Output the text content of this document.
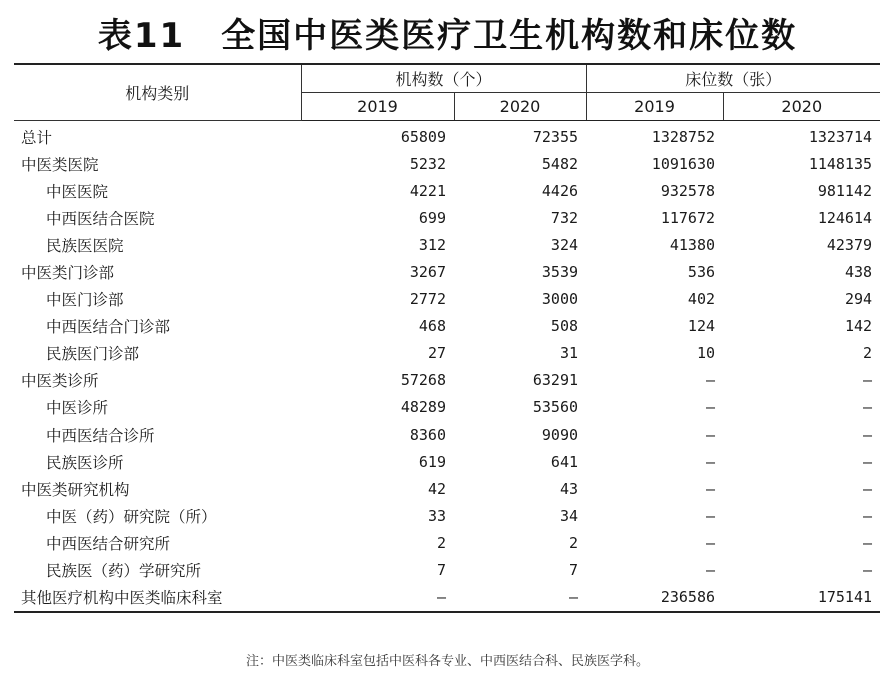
表11　全国中医类医疗卫生机构数和床位数
机构类别	机构数（个）		床位数（张）	
	2019	2020	2019	2020
总计	65809	72355	1328752	1323714
中医类医院	5232	5482	1091630	1148135
中医医院	4221	4426	932578	981142
中西医结合医院	699	732	117672	124614
民族医医院	312	324	41380	42379
中医类门诊部	3267	3539	536	438
中医门诊部	2772	3000	402	294
中西医结合门诊部	468	508	124	142
民族医门诊部	27	31	10	2
中医类诊所	57268	63291	–	–
中医诊所	48289	53560	–	–
中西医结合诊所	8360	9090	–	–
民族医诊所	619	641	–	–
中医类研究机构	42	43	–	–
中医（药）研究院（所）	33	34	–	–
中西医结合研究所	2	2	–	–
民族医（药）学研究所	7	7	–	–
其他医疗机构中医类临床科室	–	–	236586	175141
注：中医类临床科室包括中医科各专业、中西医结合科、民族医学科。
